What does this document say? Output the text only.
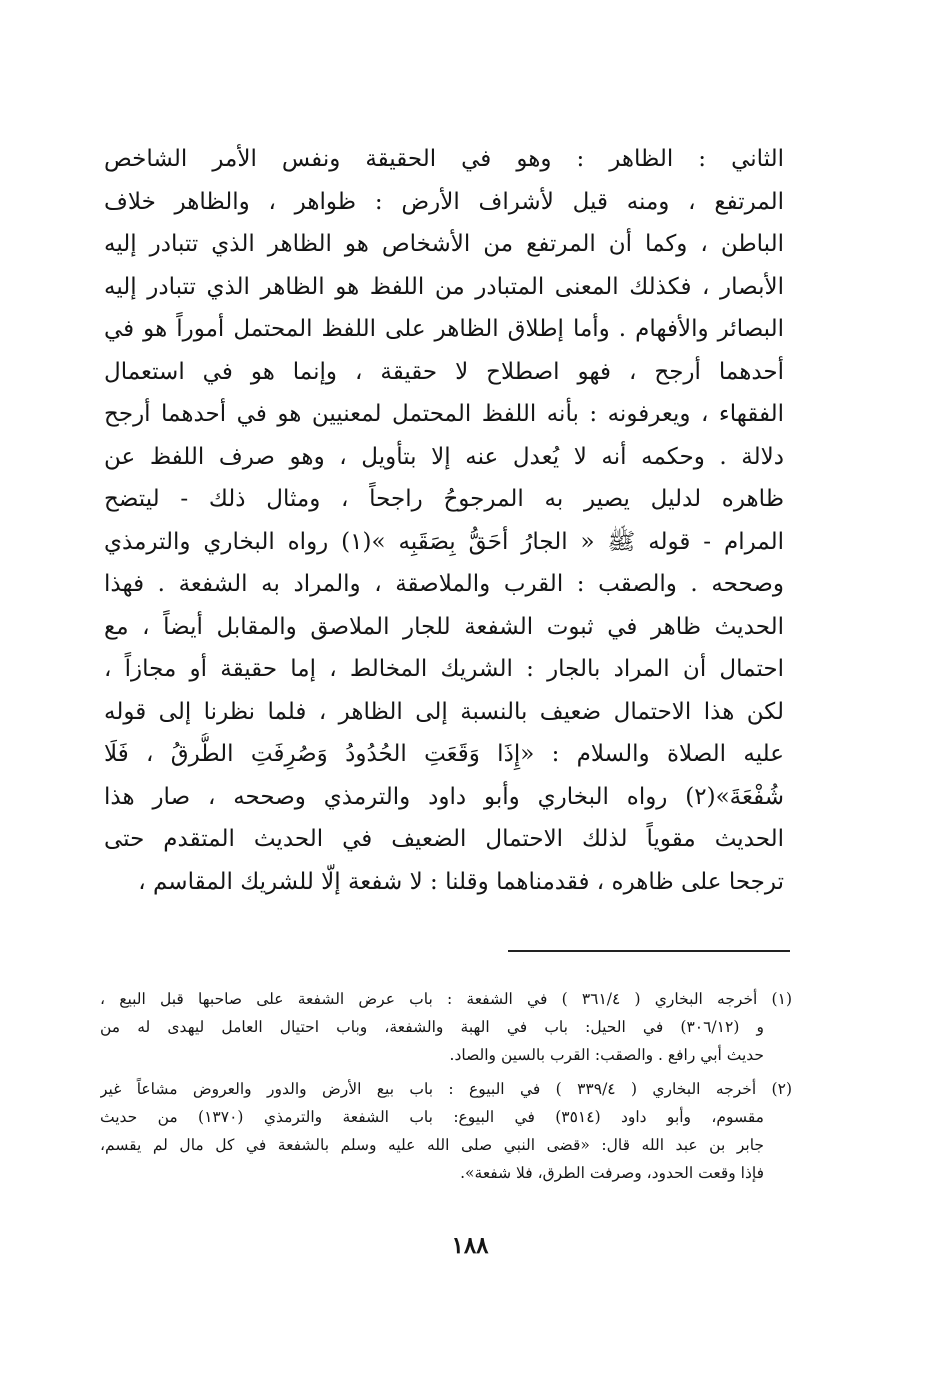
الثاني : الظاهر : وهو في الحقيقة ونفس الأمر الشاخص
المرتفع ، ومنه قيل لأشراف الأرض : ظواهر ، والظاهر خلاف
الباطن ، وكما أن المرتفع من الأشخاص هو الظاهر الذي تتبادر إليه
الأبصار ، فكذلك المعنى المتبادر من اللفظ هو الظاهر الذي تتبادر إليه
البصائر والأفهام . وأما إطلاق الظاهر على اللفظ المحتمل أموراً هو في
أحدهما أرجح ، فهو اصطلاح لا حقيقة ، وإنما هو في استعمال
الفقهاء ، ويعرفونه : بأنه اللفظ المحتمل لمعنيين هو في أحدهما أرجح
دلالة . وحكمه أنه لا يُعدل عنه إلا بتأويل ، وهو صرف اللفظ عن
ظاهره لدليل يصير به المرجوحُ راجحاً ، ومثال ذلك - ليتضح
المرام - قوله ﷺ « الجارُ أحَقُّ بِصَقَبِه »(١) رواه البخاري والترمذي
وصححه . والصقب : القرب والملاصقة ، والمراد به الشفعة . فهذا
الحديث ظاهر في ثبوت الشفعة للجار الملاصق والمقابل أيضاً ، مع
احتمال أن المراد بالجار : الشريك المخالط ، إما حقيقة أو مجازاً ،
لكن هذا الاحتمال ضعيف بالنسبة إلى الظاهر ، فلما نظرنا إلى قوله
عليه الصلاة والسلام : «إِذَا وَقَعَتِ الحُدُودُ وَصُرِفَتِ الطُّرقُ ، فَلَا
شُفْعَةَ»(٢) رواه البخاري وأبو داود والترمذي وصححه ، صار هذا
الحديث مقوياً لذلك الاحتمال الضعيف في الحديث المتقدم حتى
ترجحا على ظاهره ، فقدمناهما وقلنا : لا شفعة إلّا للشريك المقاسم ،
(١) أخرجه البخاري ( ٣٦١/٤ ) في الشفعة : باب عرض الشفعة على صاحبها قبل البيع ،
و (٣٠٦/١٢) في الحيل: باب في الهبة والشفعة، وباب احتيال العامل ليهدى له من
حديث أبي رافع . والصقب: القرب بالسين والصاد.
(٢) أخرجه البخاري ( ٣٣٩/٤ ) في البيوع : باب بيع الأرض والدور والعروض مشاعاً غير
مقسوم، وأبو داود (٣٥١٤) في البيوع: باب الشفعة والترمذي (١٣٧٠) من حديث
جابر بن عبد الله قال: «قضى النبي صلى الله عليه وسلم بالشفعة في كل مال لم يقسم،
فإذا وقعت الحدود، وصرفت الطرق، فلا شفعة».
١٨٨
